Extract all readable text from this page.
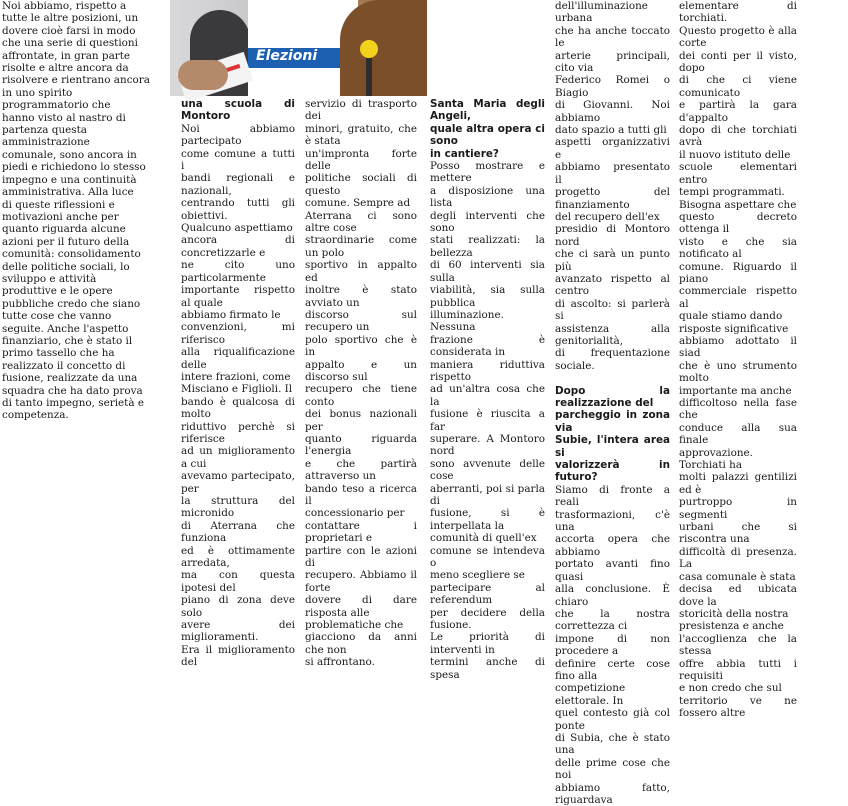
Elezioni

Noi abbiamo, rispetto a

tutte le altre posizioni, un

dovere cioè farsi in modo

che una serie di questioni

affrontate, in gran parte

risolte e altre ancora da

risolvere e rientrano ancora

in uno spirito

programmatorio che

hanno visto al nastro di

partenza questa

amministrazione

comunale, sono ancora in

piedi e richiedono lo stesso

impegno e una continuità

amministrativa. Alla luce

di queste riflessioni e

motivazioni anche per

quanto riguarda alcune

azioni per il futuro della

comunità: consolidamento

delle politiche sociali, lo

sviluppo e attività

produttive e le opere

pubbliche credo che siano

tutte cose che vanno

seguite. Anche l'aspetto

finanziario, che è stato il

primo tassello che ha

realizzato il concetto di

fusione, realizzate da una

squadra che ha dato prova

di tanto impegno, serietà e

competenza.

una scuola di Montoro

Noi abbiamo partecipato

come comune a tutti i

bandi regionali e nazionali,

centrando tutti gli obiettivi.

Qualcuno aspettiamo

ancora di concretizzarle e

ne cito uno particolarmente

importante rispetto al quale

abbiamo firmato le

convenzioni, mi riferisco

alla riqualificazione delle

intere frazioni, come

Misciano e Figlioli. Il

bando è qualcosa di molto

riduttivo perchè si riferisce

ad un miglioramento a cui

avevamo partecipato, per

la struttura del micronido

di Aterrana che funziona

ed è ottimamente arredata,

ma con questa ipotesi del

piano di zona deve solo

avere dei miglioramenti.

Era il miglioramento del

servizio di trasporto dei

minori, gratuito, che è stata

un'impronta forte delle

politiche sociali di questo

comune. Sempre ad

Aterrana ci sono altre cose

straordinarie come un polo

sportivo in appalto ed

inoltre è stato avviato un

discorso sul recupero un

polo sportivo che è in

appalto e un discorso sul

recupero che tiene conto

dei bonus nazionali per

quanto riguarda l'energia

e che partirà attraverso un

bando teso a ricerca il

concessionario per

contattare i proprietari e

partire con le azioni di

recupero. Abbiamo il forte

dovere di dare risposta alle

problematiche che

giacciono da anni che non

si affrontano.

Santa Maria degli Angeli,

quale altra opera ci sono

in cantiere?

Posso mostrare e mettere

a disposizione una lista

degli interventi che sono

stati realizzati: la bellezza

di 60 interventi sia sulla

viabilità, sia sulla pubblica

illuminazione. Nessuna

frazione è considerata in

maniera riduttiva rispetto

ad un'altra cosa che la

fusione è riuscita a far

superare. A Montoro nord

sono avvenute delle cose

aberranti, poi si parla di

fusione, si è interpellata la

comunità di quell'ex

comune se intendeva o

meno scegliere se

partecipare al referendum

per decidere della fusione.

Le priorità di interventi in

termini anche di spesa

dell'illuminazione urbana

che ha anche toccato le

arterie principali, cito via

Federico Romei o Biagio

di Giovanni. Noi abbiamo

dato spazio a tutti gli

aspetti organizzativi e

abbiamo presentato il

progetto del finanziamento

del recupero dell'ex

presidio di Montoro nord

che ci sarà un punto più

avanzato rispetto al centro

di ascolto: si parlerà si

assistenza alla genitorialità,

di frequentazione sociale.

Dopo la realizzazione del

parcheggio in zona via

Subie, l'intera area si

valorizzerà in futuro?

Siamo di fronte a reali

trasformazioni, c'è una

accorta opera che abbiamo

portato avanti fino quasi

alla conclusione. È chiaro

che la nostra correttezza ci

impone di non procedere a

definire certe cose fino alla

competizione elettorale. In

quel contesto già col ponte

di Subia, che è stato una

delle prime cose che noi

abbiamo fatto, riguardava

elementare di torchiati.

Questo progetto è alla corte

dei conti per il visto, dopo

di che ci viene comunicato

e partirà la gara d'appalto

dopo di che torchiati avrà

il nuovo istituto delle

scuole elementari entro

tempi programmati.

Bisogna aspettare che

questo decreto ottenga il

visto e che sia notificato al

comune. Riguardo il piano

commerciale rispetto al

quale stiamo dando

risposte significative

abbiamo adottato il siad

che è uno strumento molto

importante ma anche

difficoltoso nella fase che

conduce alla sua finale

approvazione. Torchiati ha

molti palazzi gentilizi ed è

purtroppo in segmenti

urbani che si riscontra una

difficoltà di presenza. La

casa comunale è stata

decisa ed ubicata dove la

storicità della nostra

presistenza e anche

l'accoglienza che la stessa

offre abbia tutti i requisiti

e non credo che sul

territorio ve ne fossero altre
